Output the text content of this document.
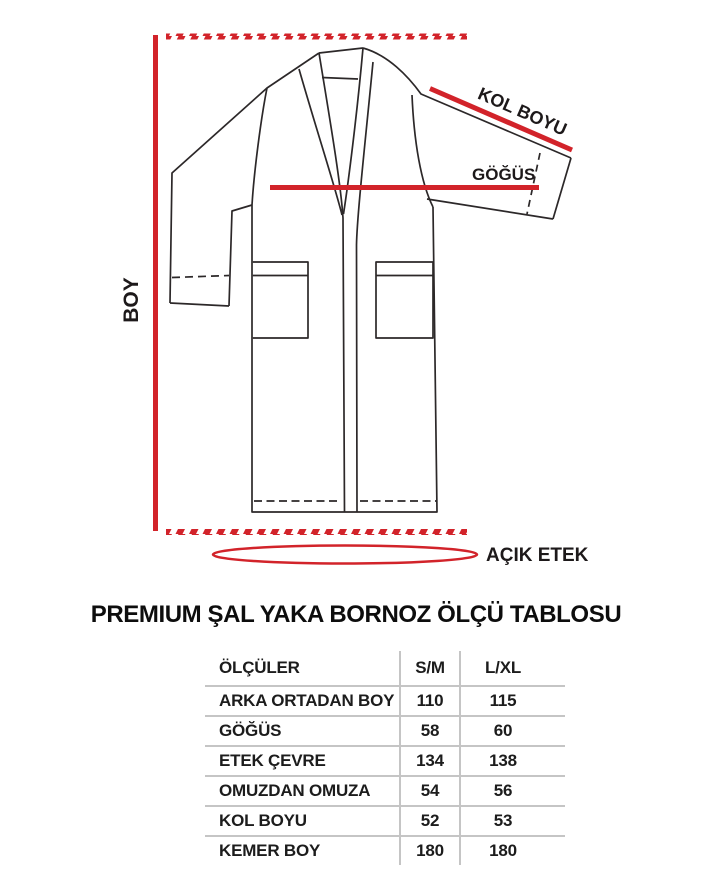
BOY
KOL BOYU
GÖĞÜS
AÇIK ETEK
PREMIUM ŞAL YAKA BORNOZ ÖLÇÜ TABLOSU
ÖLÇÜLER	S/M	L/XL
ARKA ORTADAN BOY	110	115
GÖĞÜS	58	60
ETEK ÇEVRE	134	138
OMUZDAN OMUZA	54	56
KOL BOYU	52	53
KEMER BOY	180	180
